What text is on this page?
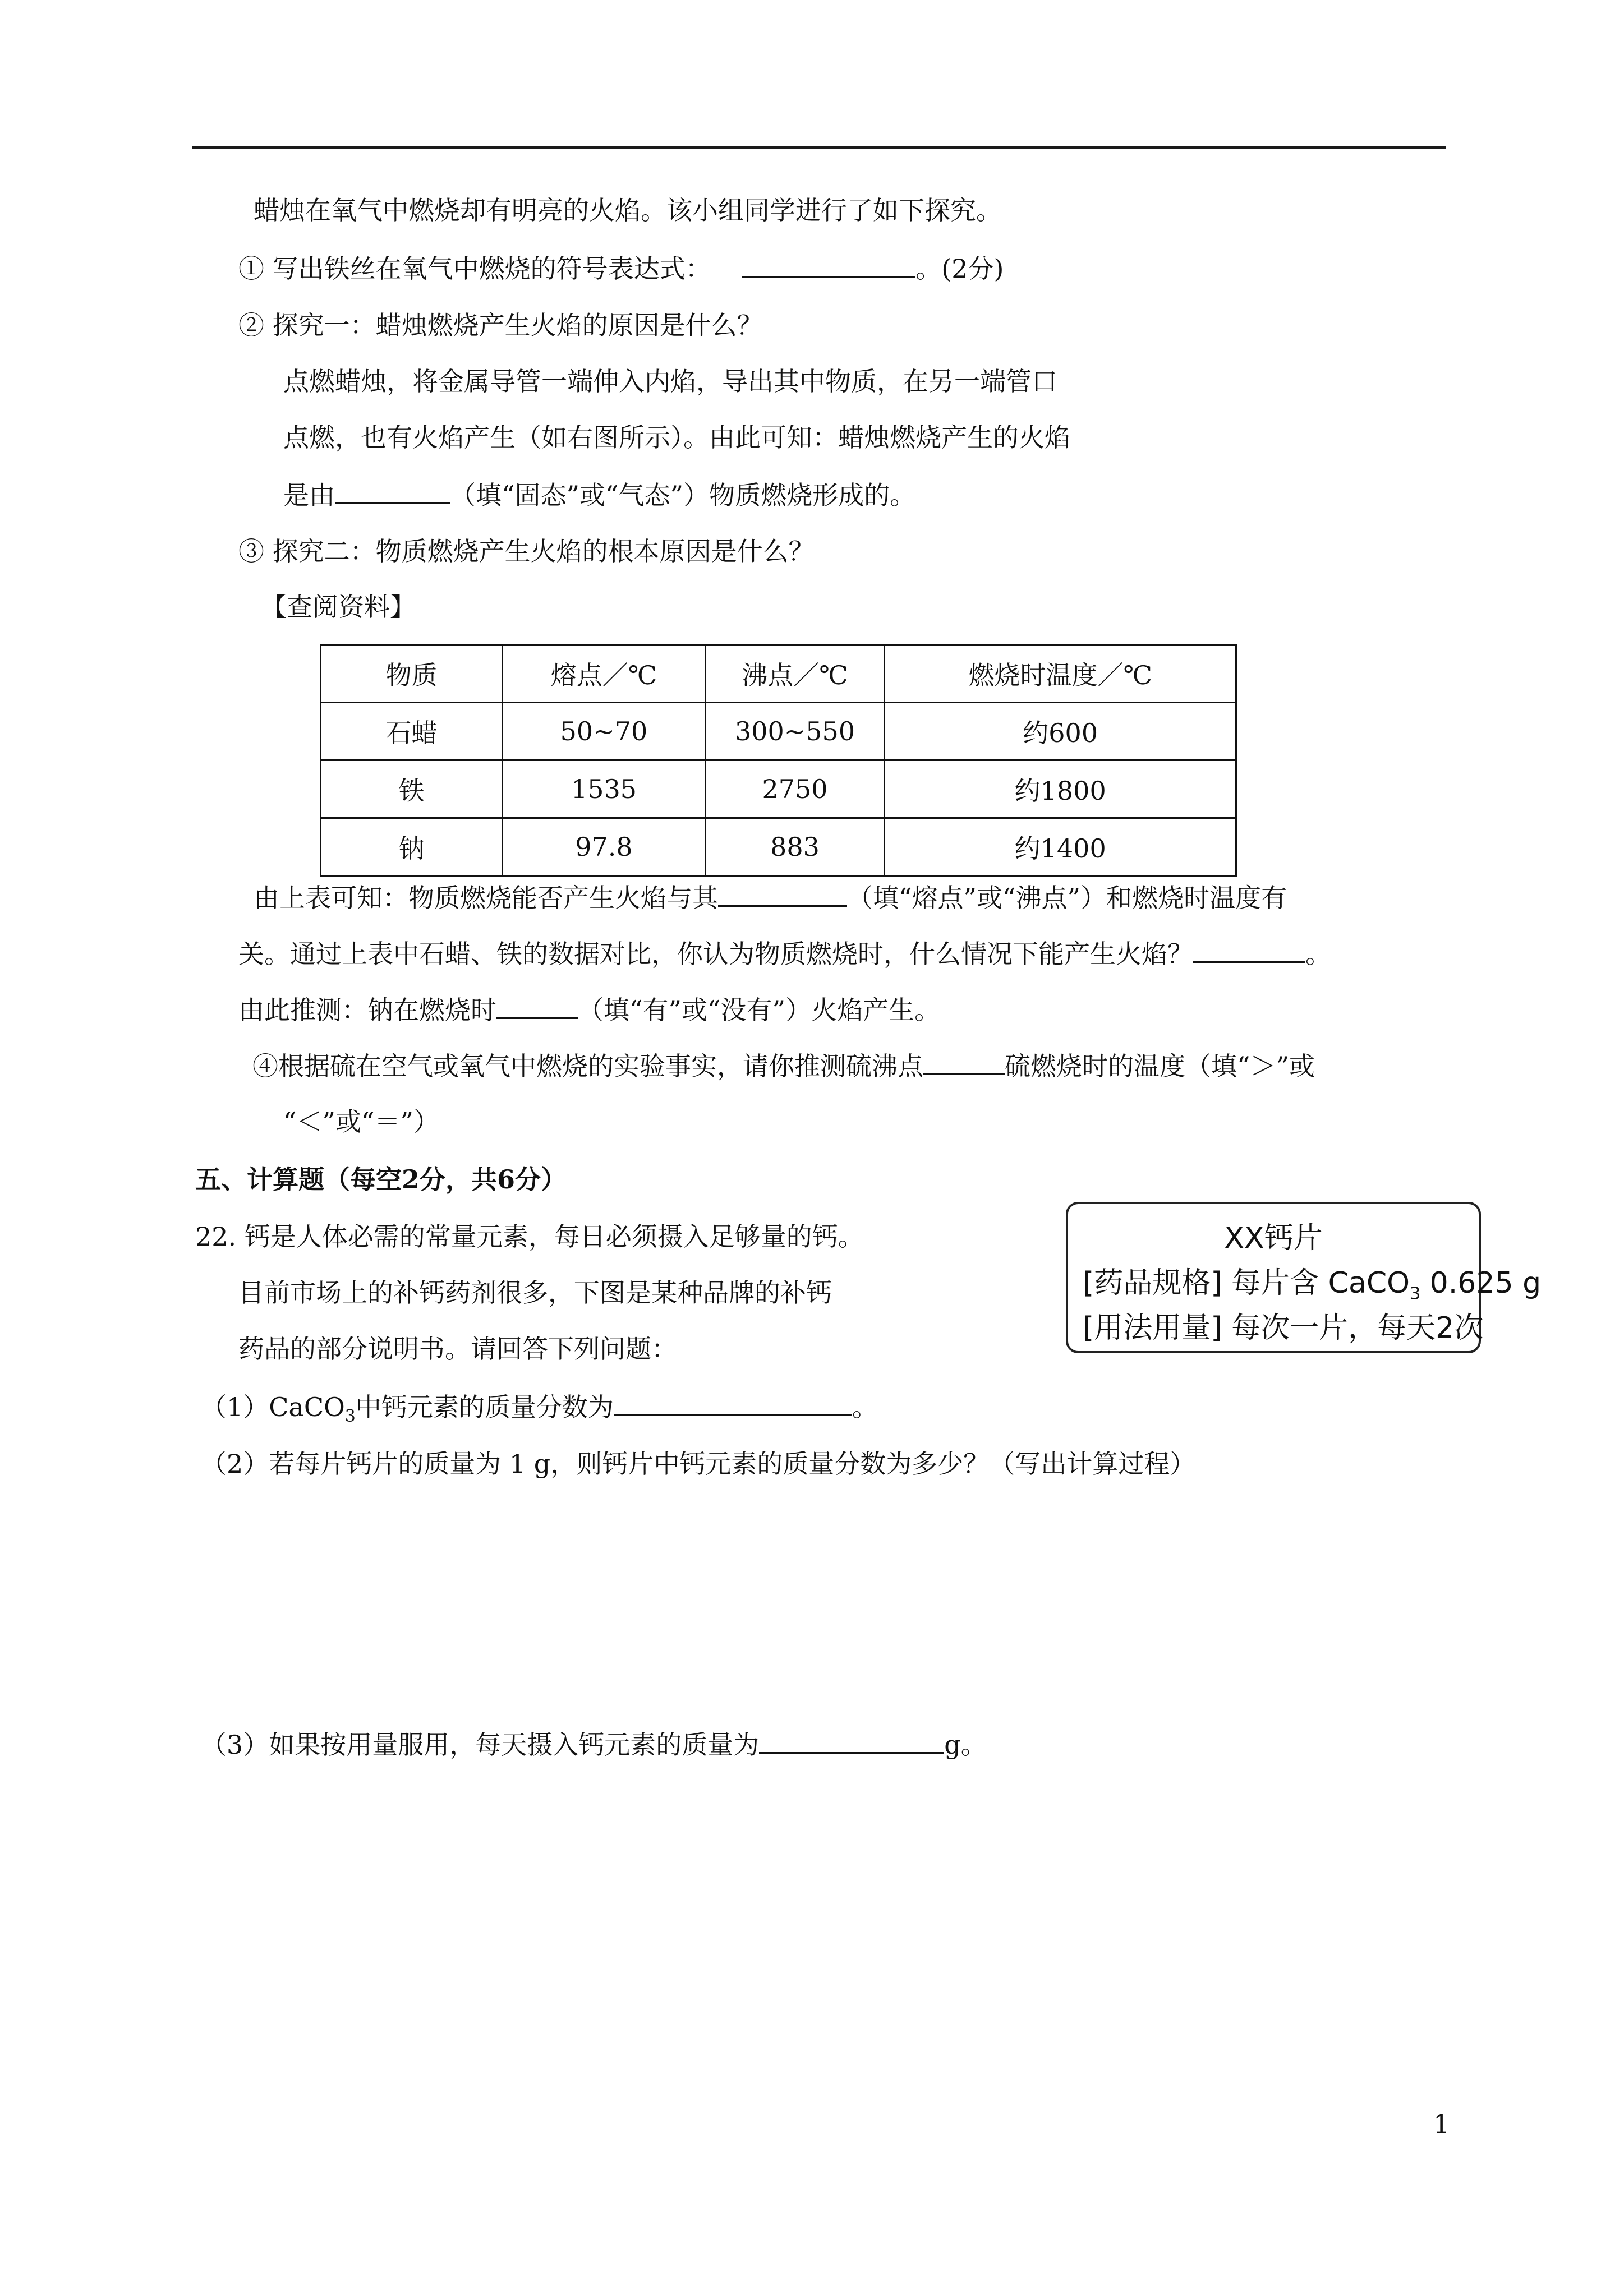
蜡烛在氧气中燃烧却有明亮的火焰。该小组同学进行了如下探究。
① 写出铁丝在氧气中燃烧的符号表达式：	。(2分)
② 探究一：蜡烛燃烧产生火焰的原因是什么？
点燃蜡烛，将金属导管一端伸入内焰，导出其中物质，在另一端管口
点燃，也有火焰产生（如右图所示）。由此可知：蜡烛燃烧产生的火焰
是由	（填“固态”或“气态”）物质燃烧形成的。
③ 探究二：物质燃烧产生火焰的根本原因是什么？
【查阅资料】
物质	熔点／℃	沸点／℃	燃烧时温度／℃
石蜡	50~70	300~550	约600
铁	1535	2750	约1800
钠	97.8	883	约1400
由上表可知：物质燃烧能否产生火焰与其	（填“熔点”或“沸点”）和燃烧时温度有
关。通过上表中石蜡、铁的数据对比，你认为物质燃烧时，什么情况下能产生火焰？	。
由此推测：钠在燃烧时	（填“有”或“没有”）火焰产生。
④根据硫在空气或氧气中燃烧的实验事实，请你推测硫沸点	硫燃烧时的温度（填“＞”或
“＜”或“＝”）
五、计算题（每空2分，共6分）
22. 钙是人体必需的常量元素，每日必须摄入足够量的钙。
目前市场上的补钙药剂很多，下图是某种品牌的补钙
药品的部分说明书。请回答下列问题：
XX钙片
[药品规格] 每片含 CaCO$_3$ 0.625 g
[用法用量] 每次一片，每天2次
（1）CaCO$_3$中钙元素的质量分数为	。
（2）若每片钙片的质量为 1 g，则钙片中钙元素的质量分数为多少？（写出计算过程）
（3）如果按用量服用，每天摄入钙元素的质量为	g。
1
